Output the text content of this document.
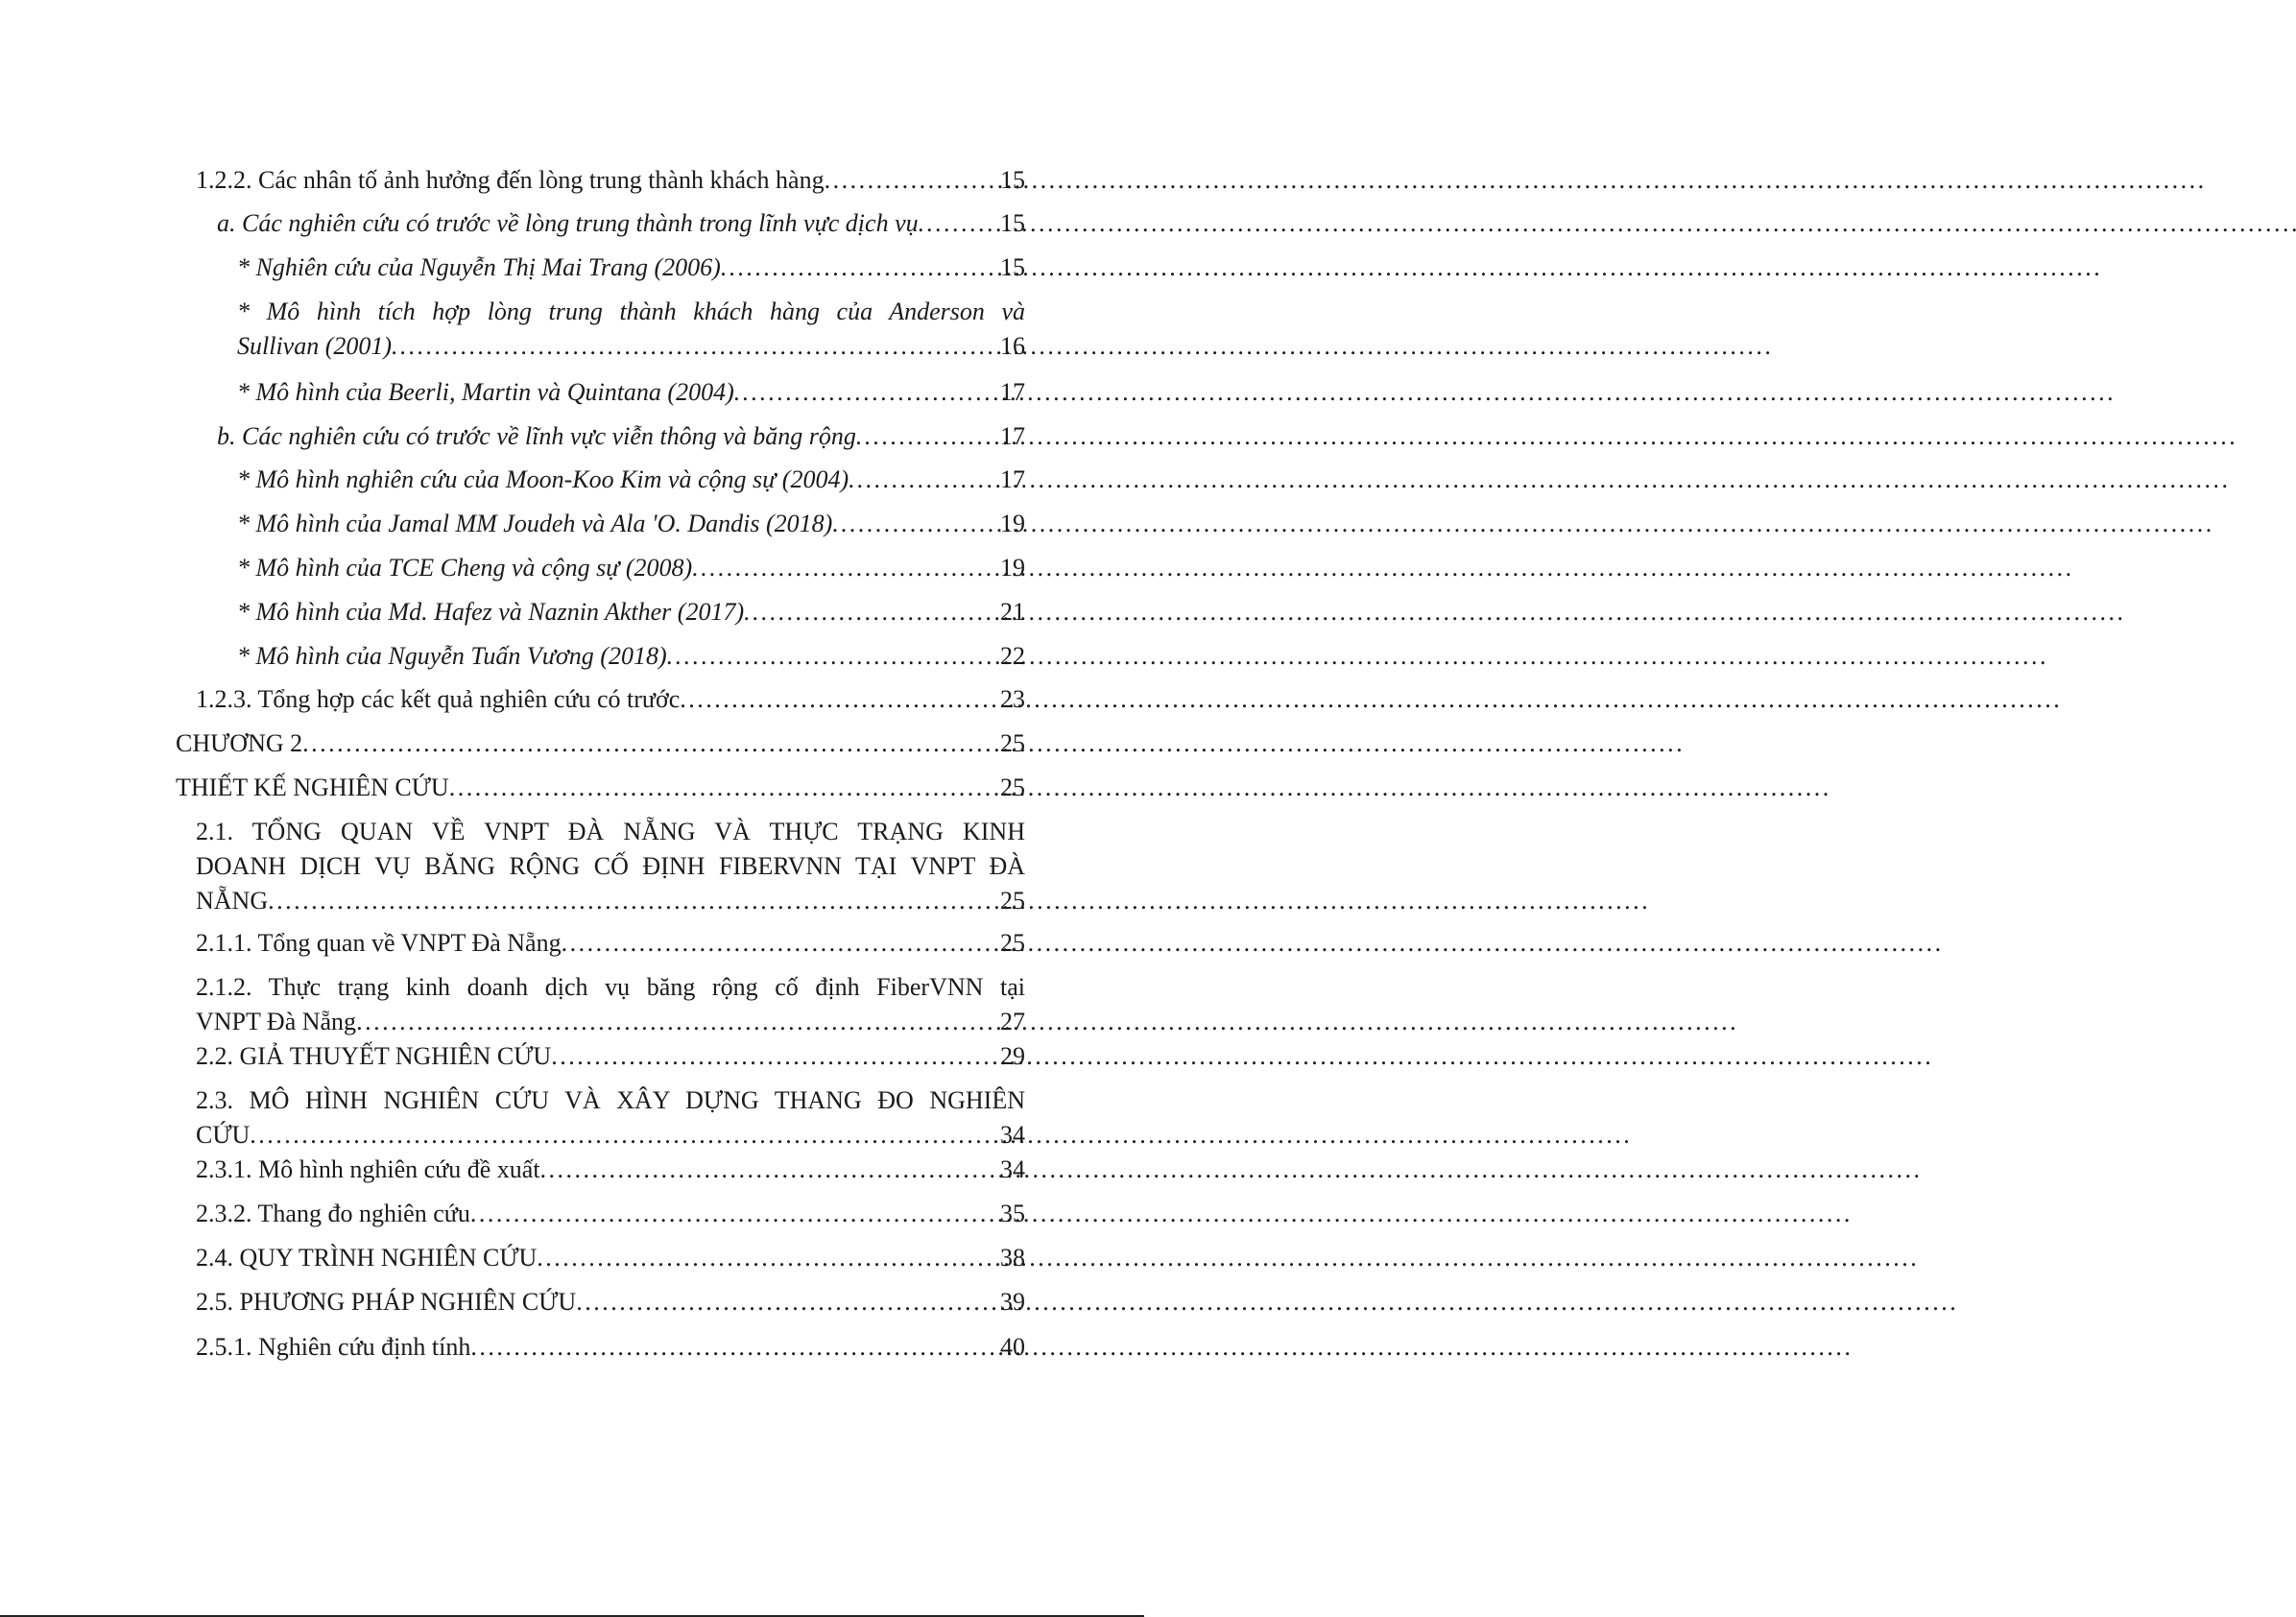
1.2.2. Các nhân tố ảnh hưởng đến lòng trung thành khách hàng . . .	15
a. Các nghiên cứu có trước về lòng trung thành trong lĩnh vực dịch vụ . . .	15
* Nghiên cứu của Nguyễn Thị Mai Trang (2006) . . .	15
* Mô hình tích hợp lòng trung thành khách hàng của Anderson và
Sullivan (2001) . . .	16
* Mô hình của Beerli, Martin và Quintana (2004) . . .	17
b. Các nghiên cứu có trước về lĩnh vực viễn thông và băng rộng . . .	17
* Mô hình nghiên cứu của Moon-Koo Kim và cộng sự (2004) . . .	17
* Mô hình của Jamal MM Joudeh và Ala 'O. Dandis (2018) . . .	19
* Mô hình của TCE Cheng và cộng sự (2008) . . .	19
* Mô hình của Md. Hafez và Naznin Akther (2017) . . .	21
* Mô hình của Nguyễn Tuấn Vương (2018) . . .	22
1.2.3. Tổng hợp các kết quả nghiên cứu có trước . . .	23
CHƯƠNG 2 . . .	25
THIẾT KẾ NGHIÊN CỨU . . .	25
2.1. TỔNG QUAN VỀ VNPT ĐÀ NẴNG VÀ THỰC TRẠNG KINH
DOANH DỊCH VỤ BĂNG RỘNG CỐ ĐỊNH FIBERVNN TẠI VNPT ĐÀ
NẴNG . . .	25
2.1.1. Tổng quan về VNPT Đà Nẵng . . .	25
2.1.2. Thực trạng kinh doanh dịch vụ băng rộng cố định FiberVNN tại
VNPT Đà Nẵng . . .	27
2.2. GIẢ THUYẾT NGHIÊN CỨU . . .	29
2.3. MÔ HÌNH NGHIÊN CỨU VÀ XÂY DỰNG THANG ĐO NGHIÊN
CỨU . . .	34
2.3.1. Mô hình nghiên cứu đề xuất . . .	34
2.3.2. Thang đo nghiên cứu . . .	35
2.4. QUY TRÌNH NGHIÊN CỨU . . .	38
2.5. PHƯƠNG PHÁP NGHIÊN CỨU . . .	39
2.5.1. Nghiên cứu định tính . . .	40
